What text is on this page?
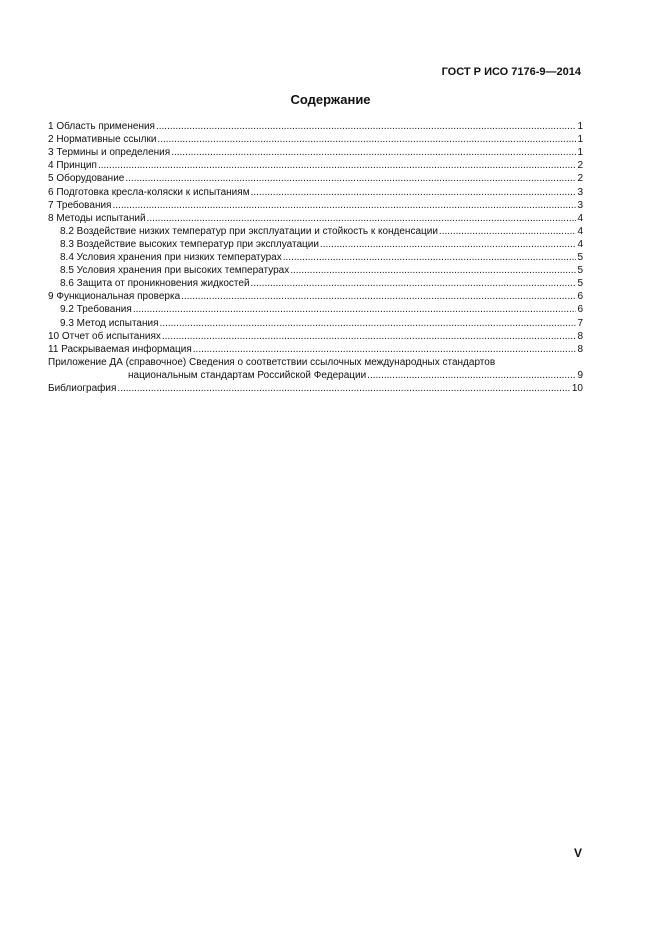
ГОСТ Р ИСО 7176-9—2014
Содержание
1 Область применения .....	1
2 Нормативные ссылки .....	1
3 Термины и определения .....	1
4 Принцип .....	2
5 Оборудование .....	2
6 Подготовка кресла-коляски к испытаниям .....	3
7 Требования .....	3
8 Методы испытаний .....	4
8.2 Воздействие низких температур при эксплуатации и стойкость к конденсации .....	4
8.3 Воздействие высоких температур при эксплуатации .....	4
8.4 Условия хранения при низких температурах .....	5
8.5 Условия хранения при высоких температурах .....	5
8.6 Защита от проникновения жидкостей .....	5
9 Функциональная проверка .....	6
9.2 Требования .....	6
9.3 Метод испытания .....	7
10 Отчет об испытаниях .....	8
11 Раскрываемая информация .....	8
Приложение ДА (справочное) Сведения о соответствии ссылочных международных стандартов
национальным стандартам Российской Федерации .....	9
Библиография .....	10
V
